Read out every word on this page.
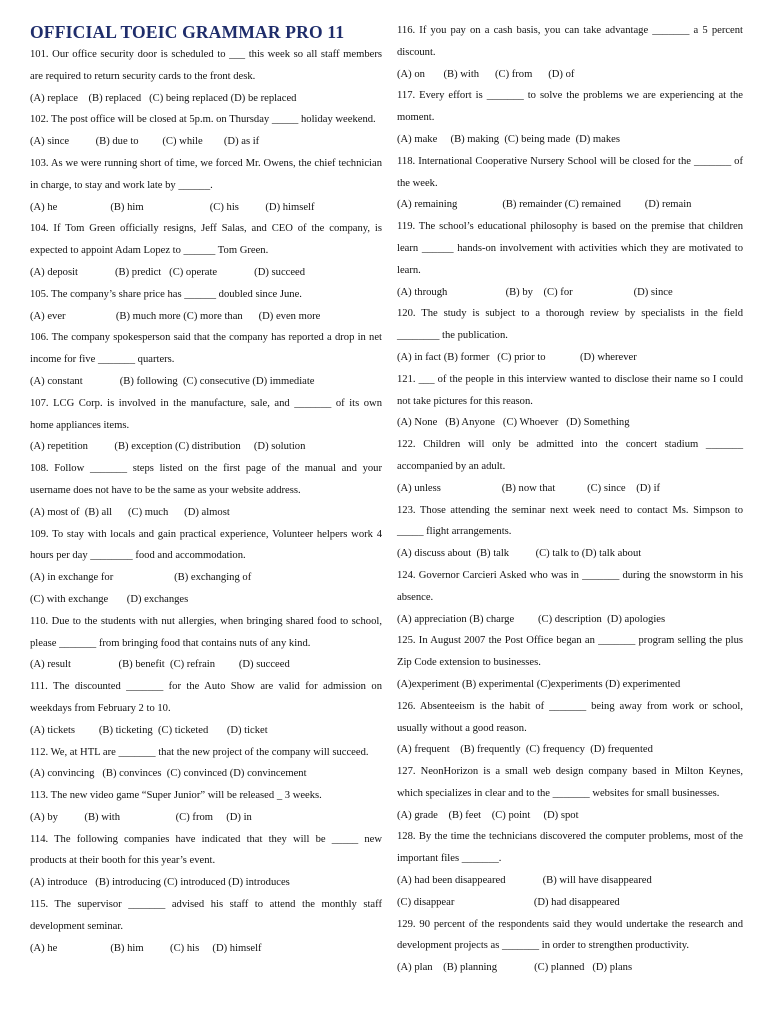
OFFICIAL TOEIC GRAMMAR PRO 11
101. Our office security door is scheduled to ___ this week so all staff members are required to return security cards to the front desk.
(A) replace    (B) replaced   (C) being replaced (D) be replaced
102. The post office will be closed at 5p.m. on Thursday _____ holiday weekend.
(A) since          (B) due to         (C) while        (D) as if
103. As we were running short of time, we forced Mr. Owens, the chief technician in charge, to stay and work late by ______.
(A) he                    (B) him                         (C) his          (D) himself
104. If Tom Green officially resigns, Jeff Salas, and CEO of the company, is expected to appoint Adam Lopez to ______ Tom Green.
(A) deposit              (B) predict   (C) operate              (D) succeed
105. The company’s share price has ______ doubled since June.
(A) ever                   (B) much more (C) more than      (D) even more
106. The company spokesperson said that the company has reported a drop in net income for five _______ quarters.
(A) constant              (B) following  (C) consecutive (D) immediate
107. LCG Corp. is involved in the manufacture, sale, and _______ of its own home appliances items.
(A) repetition          (B) exception (C) distribution     (D) solution
108. Follow _______ steps listed on the first page of the manual and your username does not have to be the same as your website address.
(A) most of  (B) all      (C) much      (D) almost
109. To stay with locals and gain practical experience, Volunteer helpers work 4 hours per day ________ food and accommodation.
(A) in exchange for                       (B) exchanging of
(C) with exchange       (D) exchanges
110. Due to the students with nut allergies, when bringing shared food to school, please _______ from bringing food that contains nuts of any kind.
(A) result                  (B) benefit  (C) refrain         (D) succeed
111. The discounted _______ for the Auto Show are valid for admission on weekdays from February 2 to 10.
(A) tickets         (B) ticketing  (C) ticketed       (D) ticket
112. We, at HTL are _______ that the new project of the company will succeed.
(A) convincing   (B) convinces  (C) convinced (D) convincement
113. The new video game “Super Junior” will be released _ 3 weeks.
(A) by          (B) with                     (C) from     (D) in
114. The following companies have indicated that they will be _____ new products at their booth for this year’s event.
(A) introduce   (B) introducing (C) introduced (D) introduces
115. The supervisor _______ advised his staff to attend the monthly staff development seminar.
(A) he                    (B) him          (C) his     (D) himself
116. If you pay on a cash basis, you can take advantage _______ a 5 percent discount.
(A) on       (B) with      (C) from      (D) of
117. Every effort is _______ to solve the problems we are experiencing at the moment.
(A) make     (B) making  (C) being made  (D) makes
118. International Cooperative Nursery School will be closed for the _______ of the week.
(A) remaining                 (B) remainder (C) remained         (D) remain
119. The school’s educational philosophy is based on the premise that children learn ______ hands-on involvement with activities which they are motivated to learn.
(A) through                      (B) by    (C) for                       (D) since
120. The study is subject to a thorough review by specialists in the field ________ the publication.
(A) in fact (B) former   (C) prior to             (D) wherever
121. ___ of the people in this interview wanted to disclose their name so I could not take pictures for this reason.
(A) None   (B) Anyone   (C) Whoever   (D) Something
122. Children will only be admitted into the concert stadium _______ accompanied by an adult.
(A) unless                       (B) now that            (C) since    (D) if
123. Those attending the seminar next week need to contact Ms. Simpson to _____ flight arrangements.
(A) discuss about  (B) talk          (C) talk to (D) talk about
124. Governor Carcieri Asked who was in _______ during the snowstorm in his absence.
(A) appreciation (B) charge         (C) description  (D) apologies
125. In August 2007 the Post Office began an _______ program selling the plus Zip Code extension to businesses.
(A)experiment (B) experimental (C)experiments (D) experimented
126. Absenteeism is the habit of _______ being away from work or school, usually without a good reason.
(A) frequent    (B) frequently  (C) frequency  (D) frequented
127. NeonHorizon is a small web design company based in Milton Keynes, which specializes in clear and to the _______ websites for small businesses.
(A) grade    (B) feet    (C) point     (D) spot
128. By the time the technicians discovered the computer problems, most of the important files _______.
(A) had been disappeared              (B) will have disappeared
(C) disappear                              (D) had disappeared
129. 90 percent of the respondents said they would undertake the research and development projects as _______ in order to strengthen productivity.
(A) plan    (B) planning              (C) planned   (D) plans
